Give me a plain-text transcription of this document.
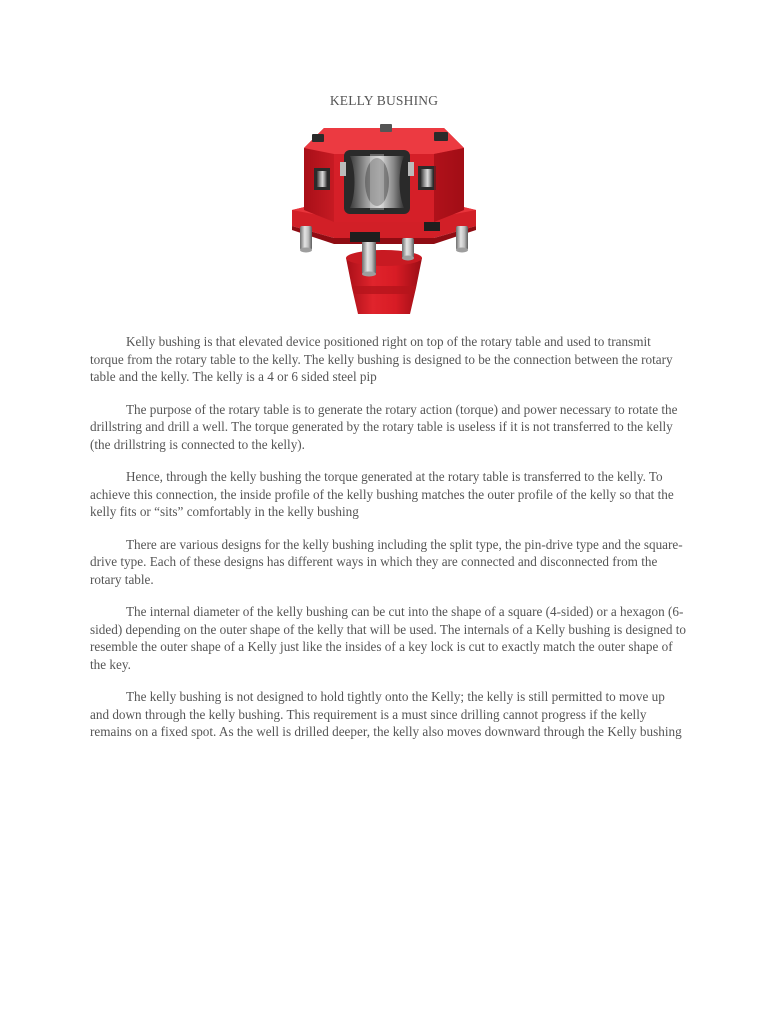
KELLY BUSHING

Kelly bushing is that elevated device positioned right on top of the rotary table and used to transmit torque from the rotary table to the kelly. The kelly bushing is designed to be the connection between the rotary table and the kelly. The kelly is a 4 or 6 sided steel pip

The purpose of the rotary table is to generate the rotary action (torque) and power necessary to rotate the drillstring and drill a well. The torque generated by the rotary table is useless if it is not transferred to the kelly (the drillstring is connected to the kelly).

Hence, through the kelly bushing the torque generated at the rotary table is transferred to the kelly. To achieve this connection, the inside profile of the kelly bushing matches the outer profile of the kelly so that the kelly fits or “sits” comfortably in the kelly bushing

There are various designs for the kelly bushing including the split type, the pin-drive type and the square-drive type. Each of these designs has different ways in which they are connected and disconnected from the rotary table.

The internal diameter of the kelly bushing can be cut into the shape of a square (4-sided) or a hexagon (6-sided) depending on the outer shape of the kelly that will be used. The internals of a Kelly bushing is designed to resemble the outer shape of a Kelly just like the insides of a key lock is cut to exactly match the outer shape of the key.

The kelly bushing is not designed to hold tightly onto the Kelly; the kelly is still permitted to move up and down through the kelly bushing. This requirement is a must since drilling cannot progress if the kelly remains on a fixed spot. As the well is drilled deeper, the kelly also moves downward through the Kelly bushing
